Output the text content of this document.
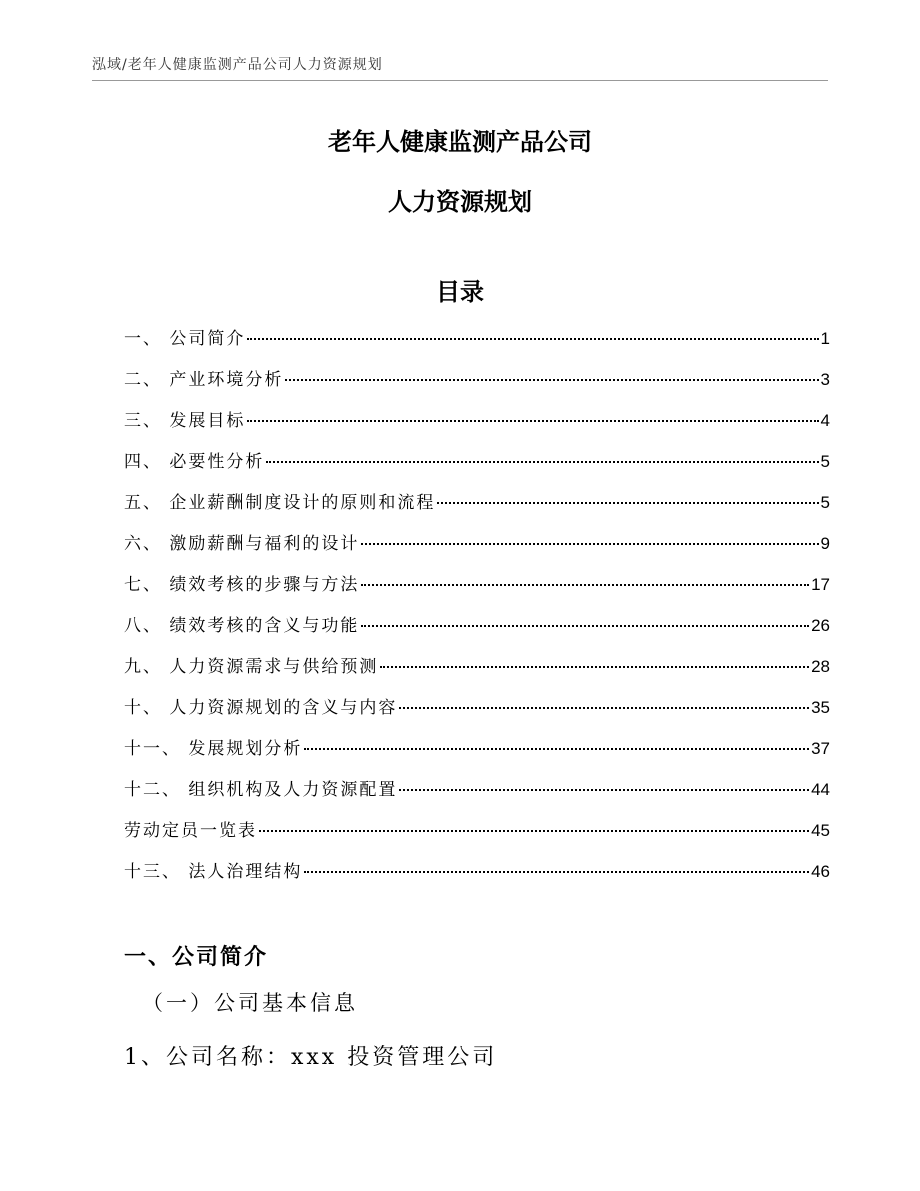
泓域/老年人健康监测产品公司人力资源规划
老年人健康监测产品公司
人力资源规划
目录
一、 公司简介	1
二、 产业环境分析	3
三、 发展目标	4
四、 必要性分析	5
五、 企业薪酬制度设计的原则和流程	5
六、 激励薪酬与福利的设计	9
七、 绩效考核的步骤与方法	17
八、 绩效考核的含义与功能	26
九、 人力资源需求与供给预测	28
十、 人力资源规划的含义与内容	35
十一、 发展规划分析	37
十二、 组织机构及人力资源配置	44
劳动定员一览表	45
十三、 法人治理结构	46
一、公司简介
（一）公司基本信息
1、公司名称：xxx 投资管理公司
